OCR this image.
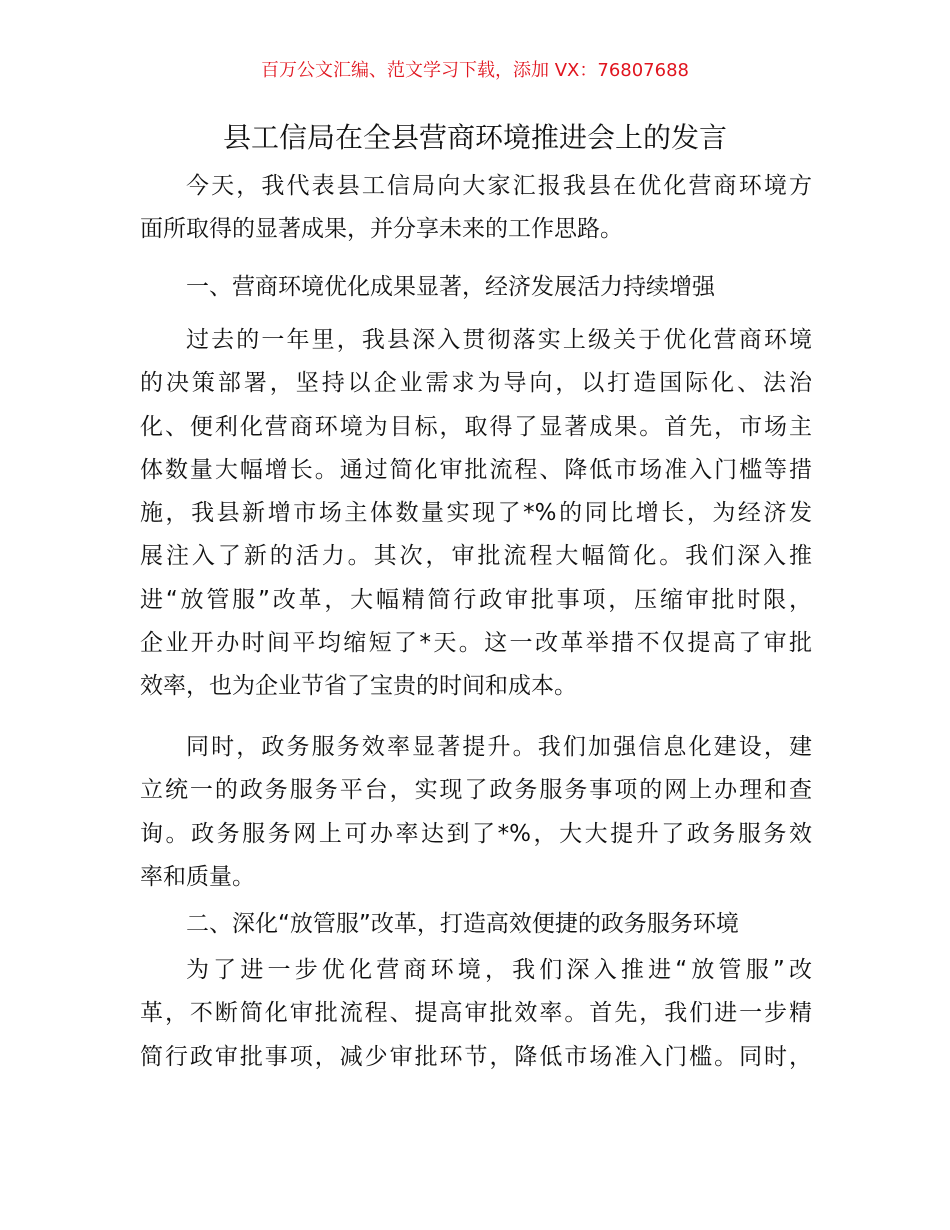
百万公文汇编、范文学习下载，添加 VX：76807688
县工信局在全县营商环境推进会上的发言
今天，我代表县工信局向大家汇报我县在优化营商环境方
面所取得的显著成果，并分享未来的工作思路。
一、营商环境优化成果显著，经济发展活力持续增强
过去的一年里，我县深入贯彻落实上级关于优化营商环境
的决策部署，坚持以企业需求为导向，以打造国际化、法治
化、便利化营商环境为目标，取得了显著成果。首先，市场主
体数量大幅增长。通过简化审批流程、降低市场准入门槛等措
施，我县新增市场主体数量实现了*%的同比增长，为经济发
展注入了新的活力。其次，审批流程大幅简化。我们深入推
进“放管服”改革，大幅精简行政审批事项，压缩审批时限，
企业开办时间平均缩短了*天。这一改革举措不仅提高了审批
效率，也为企业节省了宝贵的时间和成本。
同时，政务服务效率显著提升。我们加强信息化建设，建
立统一的政务服务平台，实现了政务服务事项的网上办理和查
询。政务服务网上可办率达到了*%，大大提升了政务服务效
率和质量。
二、深化“放管服”改革，打造高效便捷的政务服务环境
为了进一步优化营商环境，我们深入推进“放管服”改
革，不断简化审批流程、提高审批效率。首先，我们进一步精
简行政审批事项，减少审批环节，降低市场准入门槛。同时，
